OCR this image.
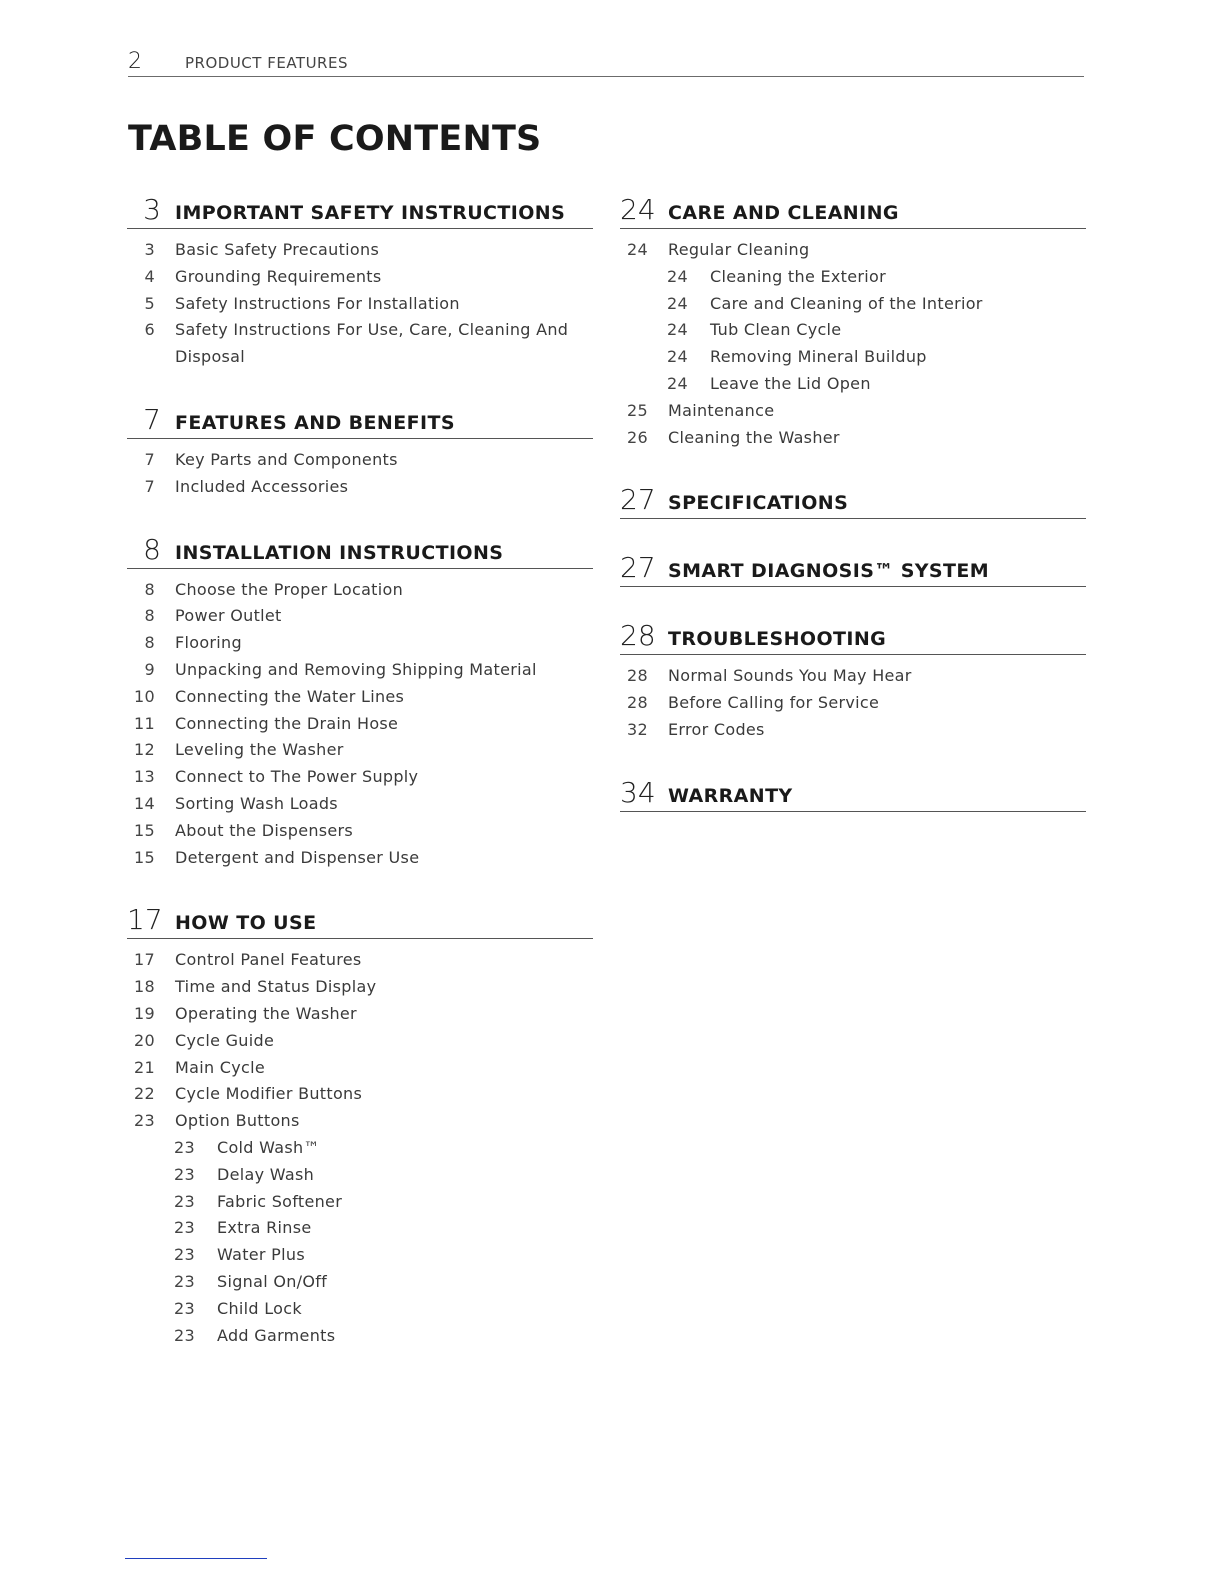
2	PRODUCT FEATURES
TABLE OF CONTENTS
3 IMPORTANT SAFETY INSTRUCTIONS
3	Basic Safety Precautions
4	Grounding Requirements
5	Safety Instructions For Installation
6	Safety Instructions For Use, Care, Cleaning And Disposal
7 FEATURES AND BENEFITS
7	Key Parts and Components
7	Included Accessories
8 INSTALLATION INSTRUCTIONS
8	Choose the Proper Location
8	Power Outlet
8	Flooring
9	Unpacking and Removing Shipping Material
10	Connecting the Water Lines
11	Connecting the Drain Hose
12	Leveling the Washer
13	Connect to The Power Supply
14	Sorting Wash Loads
15	About the Dispensers
15	Detergent and Dispenser Use
17 HOW TO USE
17	Control Panel Features
18	Time and Status Display
19	Operating the Washer
20	Cycle Guide
21	Main Cycle
22	Cycle Modifier Buttons
23	Option Buttons
23	Cold Wash™
23	Delay Wash
23	Fabric Softener
23	Extra Rinse
23	Water Plus
23	Signal On/Off
23	Child Lock
23	Add Garments
24 CARE AND CLEANING
24	Regular Cleaning
24	Cleaning the Exterior
24	Care and Cleaning of the Interior
24	Tub Clean Cycle
24	Removing Mineral Buildup
24	Leave the Lid Open
25	Maintenance
26	Cleaning the Washer
27 SPECIFICATIONS
27 SMART DIAGNOSIS™ SYSTEM
28 TROUBLESHOOTING
28	Normal Sounds You May Hear
28	Before Calling for Service
32	Error Codes
34 WARRANTY
